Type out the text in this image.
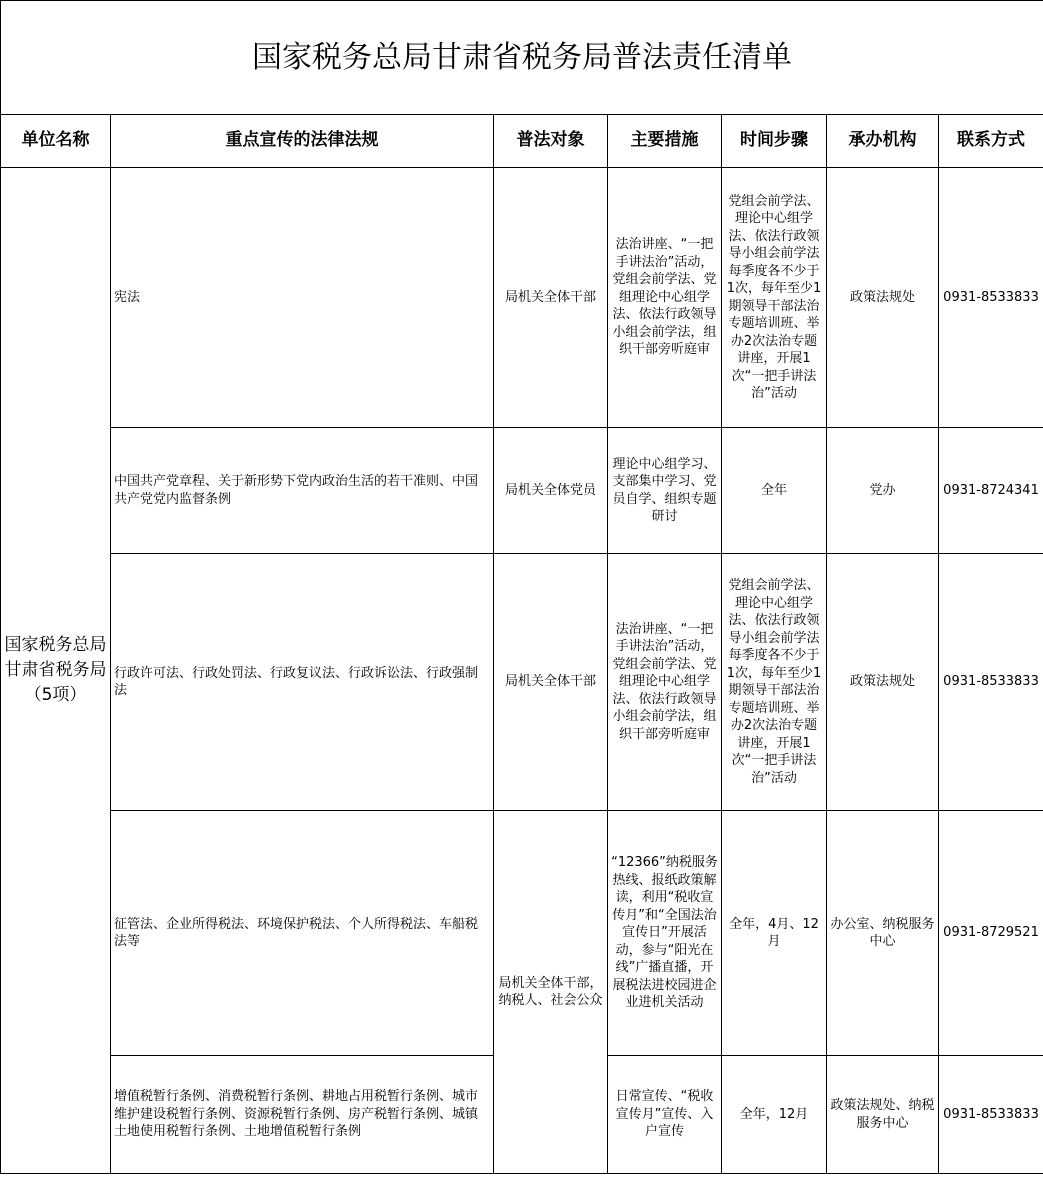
国家税务总局甘肃省税务局普法责任清单						
单位名称	重点宣传的法律法规	普法对象	主要措施	时间步骤	承办机构	联系方式
国家税务总局甘肃省税务局
（5项）	宪法	局机关全体干部	法治讲座、“一把手讲法治”活动，党组会前学法、党组理论中心组学法、依法行政领导小组会前学法，组织干部旁听庭审	党组会前学法、理论中心组学法、依法行政领导小组会前学法每季度各不少于1次，每年至少1期领导干部法治专题培训班、举办2次法治专题讲座，开展1次“一把手讲法治”活动	政策法规处	0931-8533833
	中国共产党章程、关于新形势下党内政治生活的若干准则、中国共产党党内监督条例	局机关全体党员	理论中心组学习、支部集中学习、党员自学、组织专题研讨	全年	党办	0931-8724341
	行政许可法、行政处罚法、行政复议法、行政诉讼法、行政强制法	局机关全体干部	法治讲座、“一把手讲法治”活动，党组会前学法、党组理论中心组学法、依法行政领导小组会前学法，组织干部旁听庭审	党组会前学法、理论中心组学法、依法行政领导小组会前学法每季度各不少于1次，每年至少1期领导干部法治专题培训班、举办2次法治专题讲座，开展1次“一把手讲法治”活动	政策法规处	0931-8533833
	征管法、企业所得税法、环境保护税法、个人所得税法、车船税法等	局机关全体干部，纳税人、社会公众	“12366”纳税服务热线、报纸政策解读，利用“税收宣传月”和“全国法治宣传日”开展活动，参与“阳光在线”广播直播，开展税法进校园进企业进机关活动	全年，4月、12月	办公室、纳税服务中心	0931-8729521
	增值税暂行条例、消费税暂行条例、耕地占用税暂行条例、城市维护建设税暂行条例、资源税暂行条例、房产税暂行条例、城镇土地使用税暂行条例、土地增值税暂行条例		日常宣传、“税收宣传月”宣传、入户宣传	全年，12月	政策法规处、纳税服务中心	0931-8533833
